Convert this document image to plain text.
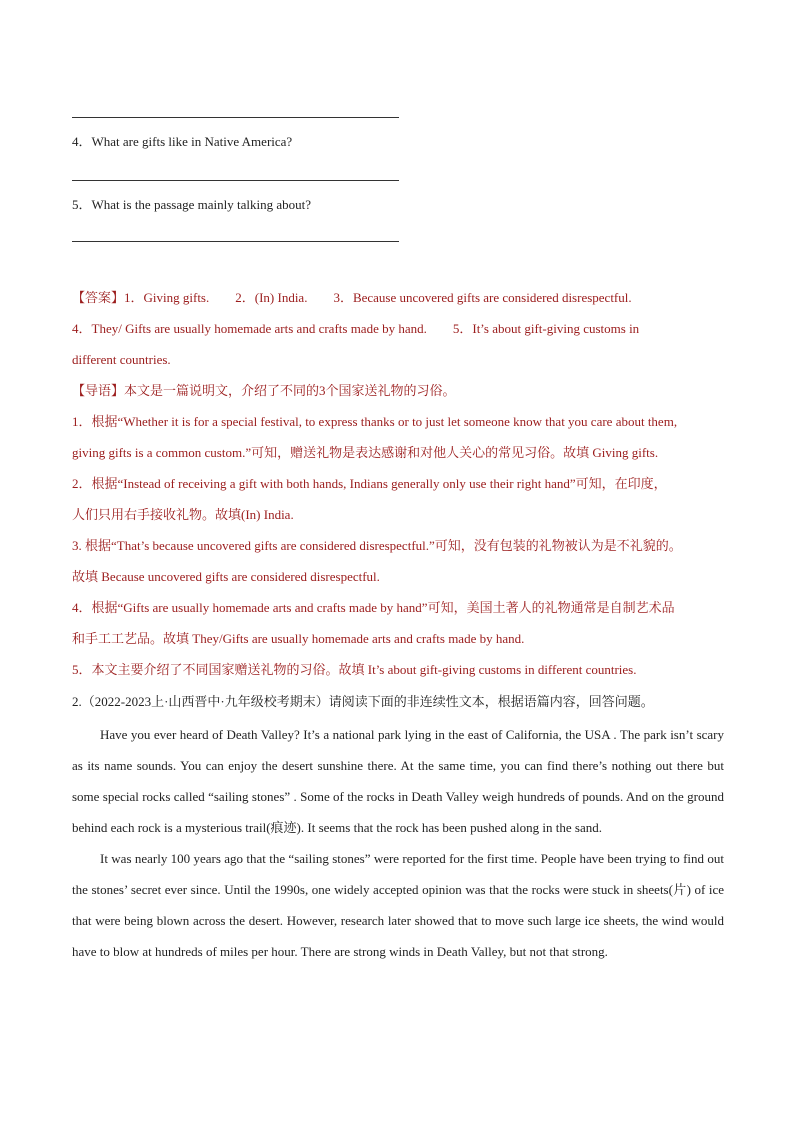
4．What are gifts like in Native America?
5．What is the passage mainly talking about?
【答案】1．Giving gifts. 2．(In) India. 3．Because uncovered gifts are considered disrespectful.
4．They/ Gifts are usually homemade arts and crafts made by hand. 5．It’s about gift-giving customs in
different countries.
【导语】本文是一篇说明文，介绍了不同的3个国家送礼物的习俗。
1．根据“Whether it is for a special festival, to express thanks or to just let someone know that you care about them,
giving gifts is a common custom.”可知，赠送礼物是表达感谢和对他人关心的常见习俗。故填 Giving gifts.
2．根据“Instead of receiving a gift with both hands, Indians generally only use their right hand”可知，在印度，
人们只用右手接收礼物。故填(In) India.
3. 根据“That’s because uncovered gifts are considered disrespectful.”可知，没有包装的礼物被认为是不礼貌的。
故填 Because uncovered gifts are considered disrespectful.
4．根据“Gifts are usually homemade arts and crafts made by hand”可知，美国土著人的礼物通常是自制艺术品
和手工工艺品。故填 They/Gifts are usually homemade arts and crafts made by hand.
5．本文主要介绍了不同国家赠送礼物的习俗。故填 It’s about gift-giving customs in different countries.
2.（2022-2023上·山西晋中·九年级校考期末）请阅读下面的非连续性文本，根据语篇内容，回答问题。

Have you ever heard of Death Valley? It’s a national park lying in the east of California, the USA . The park isn’t scary as its name sounds. You can enjoy the desert sunshine there. At the same time, you can find there’s nothing out there but some special rocks called “sailing stones” . Some of the rocks in Death Valley weigh hundreds of pounds. And on the ground behind each rock is a mysterious trail(痕迹). It seems that the rock has been pushed along in the sand.

It was nearly 100 years ago that the “sailing stones” were reported for the first time. People have been trying to find out the stones’ secret ever since. Until the 1990s, one widely accepted opinion was that the rocks were stuck in sheets(片) of ice that were being blown across the desert. However, research later showed that to move such large ice sheets, the wind would have to blow at hundreds of miles per hour. There are strong winds in Death Valley, but not that strong.
